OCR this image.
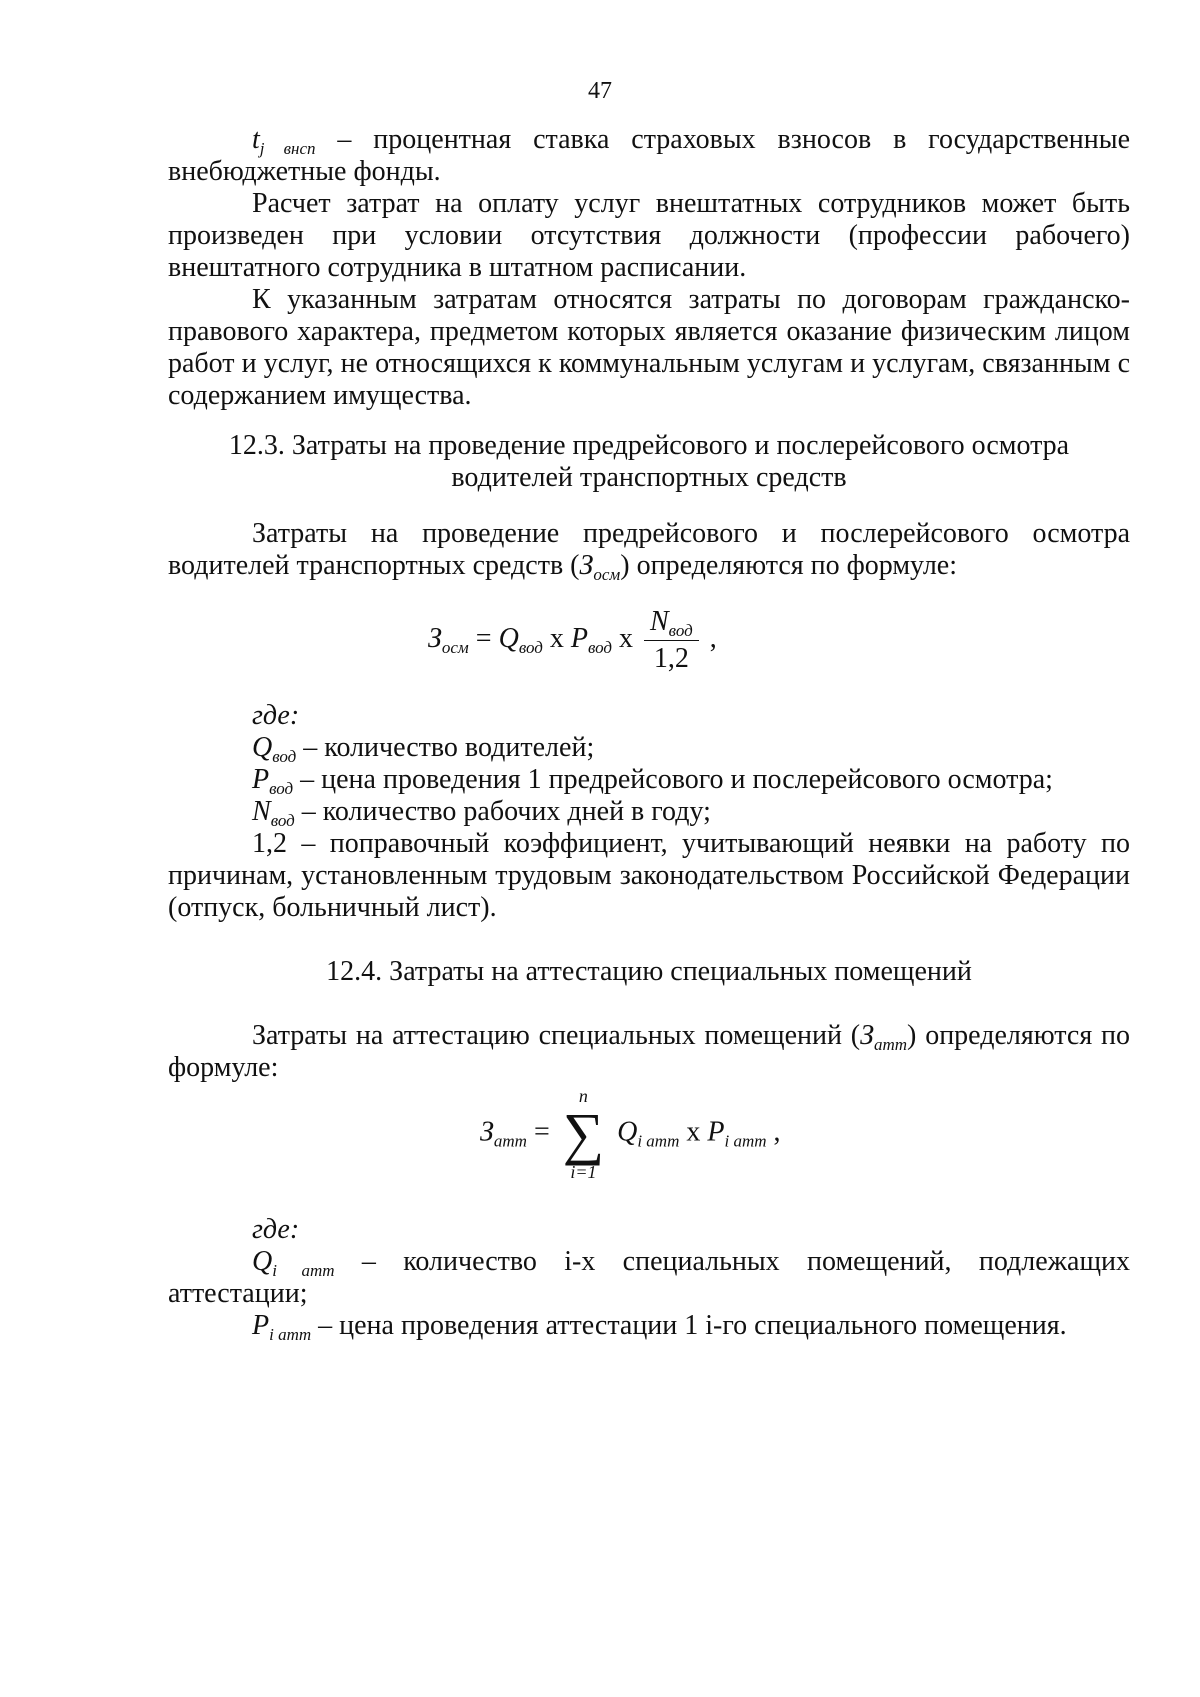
47
$t_{j внсп}$ – процентная ставка страховых взносов в государственные внебюджетные фонды.
Расчет затрат на оплату услуг внештатных сотрудников может быть произведен при условии отсутствия должности (профессии рабочего) внештатного сотрудника в штатном расписании.
К указанным затратам относятся затраты по договорам гражданско-правового характера, предметом которых является оказание физическим лицом работ и услуг, не относящихся к коммунальным услугам и услугам, связанным с содержанием имущества.
12.3. Затраты на проведение предрейсового и послерейсового осмотра
водителей транспортных средств
Затраты на проведение предрейсового и послерейсового осмотра водителей транспортных средств $(З_{осм})$ определяются по формуле:
$З_{осм} = Q_{вод}$ х $P_{вод}$ х $\frac{N_{вод}}{1,2}$ ,
где:
$Q_{вод}$ – количество водителей;
$P_{вод}$ – цена проведения 1 предрейсового и послерейсового осмотра;
$N_{вод}$ – количество рабочих дней в году;
1,2 – поправочный коэффициент, учитывающий неявки на работу по причинам, установленным трудовым законодательством Российской Федерации (отпуск, больничный лист).
12.4. Затраты на аттестацию специальных помещений
Затраты на аттестацию специальных помещений $(З_{атт})$ определяются по формуле:
$З_{атт}$ =
n
∑
i=1
$Q_{i атт}$ х $P_{i атт}$ ,
где:
$Q_{i атт}$ – количество i-х специальных помещений, подлежащих аттестации;
$P_{i атт}$ – цена проведения аттестации 1 i-го специального помещения.
